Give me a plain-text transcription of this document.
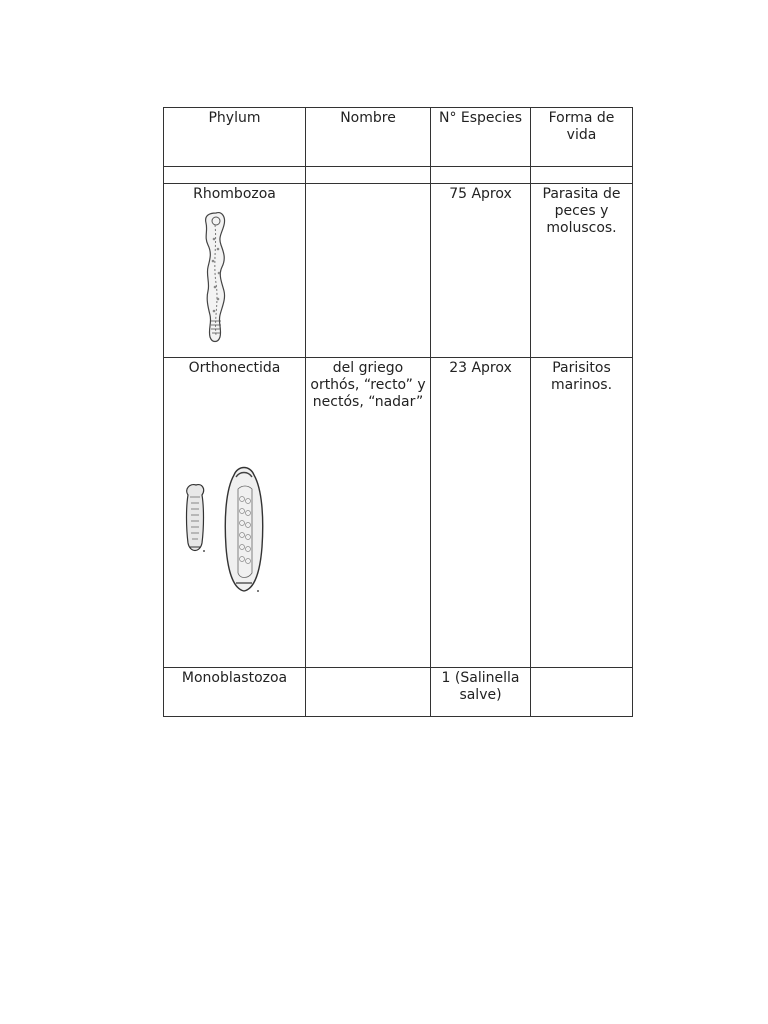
Phylum	Nombre	N° Especies	Forma de vida

Rhombozoa		75 Aprox	Parasita de peces y moluscos.

Orthonectida	del griego orthós, “recto” y nectós, “nadar”	23 Aprox	Parisitos marinos.
Monoblastozoa		1 (Salinella salve)	
